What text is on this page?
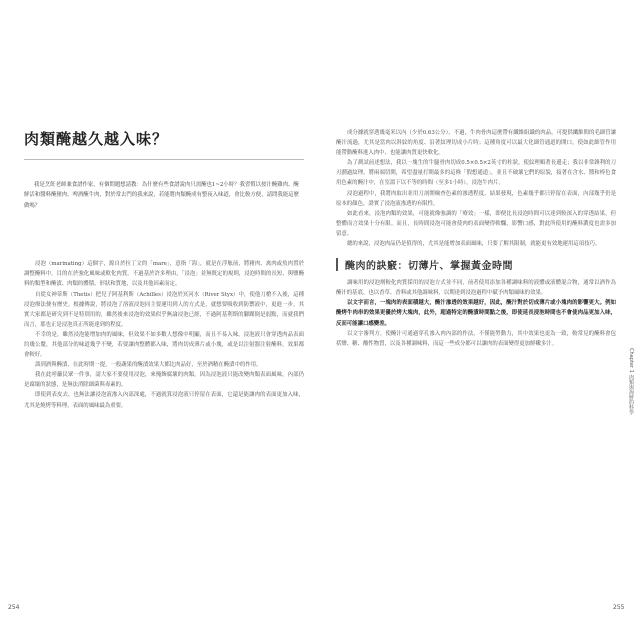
肉類醃越久越入味？

我是烹飪老師兼食譜作家，有個問題想請教：為什麼有些食譜說肉只需醃也1~2小時？我習慣以按汁醃雞肉、醃鮮活和醬料醃豬肉、啤酒醃牛肉，對於常去門的我來說，若能將肉類醃成有整夜入味道，會比較方便，請問我能這麼做嗎？

浸泡（marinating）這個字，源自於拉丁文的「mare」，意指「海」，就是在浮舷前，將豬肉、禽肉或魚肉置於調整醃料中，目的在於強化風味或軟化肉質。不過基於許多理由，「浸泡」並無既定的規則，浸泡時間的長短、與鹽醃料的類型和醃漬、肉類的體積、形狀和質地，以及其他因素而定。

自從女神蒂斯（Thetis）把兒子阿基利斯（Achilles）浸泡於冥河水（River Styx）中，使他刀槍不入後，這種浸泡療法便有歷史。根據傳說，將浸泡了溶液浸泡同主要運用到人的方式是，就想要吸收到防禦液中，更進一步，其實大家都是研究到不是特別用的，雖然後來浸泡的效果似乎無論浸泡已經，不過阿基利斯的腳踝倒是弱點，而就我們而言，那也正是浸泡真正所能達到的程度。

不幸的是，雖然浸泡能增加肉的風味，但效果不如多數人想像中明顯，而且不易入味，浸泡液只會穿透肉品表面約幾公釐，其他部分的味道幾乎不變，若要讓肉整體都入味，將肉切成薄片或小塊，或是以注射器注射醃料，效果都會較好。

談到酒與醃漬，在此時期一提，一般蔬果的醃漬效果大都比肉品好，至於酒精在醃漬中的作用。

我在此呼籲民眾一件事，請大家不要使用浸泡，來掩飾腐壞的肉類。因為浸泡液只能改變肉類表面風味，內部仍是腐壞的狀態，是無法消除細菌與毒素的。

即使到表皮去，也無法讓浸泡液滲入內部深處，不過就算浸泡液只停留在表面，它還是能讓肉的表面更加入味，尤其是燒烤等料理，表面的風味最為重要。

成分據就穿透幾毫米以內（少於0.63公分），不過，牛肉骨肉這麼帶有纖維組織的肉品，可提供纖維間的毛細管讓醃汁流過，尤其是當肉以斜紋的角度、沿著紋理切成小片時；這種角度可以最大化細管通道的開口，使如此細管作用能帶動醃料進入肉中，也能讓肉質更快軟化。

為了測試前述想法，我以一塊生的牛腿骨肉切成0.5×0.5×2英寸的柱狀，使紋理順著長邊走；我以非常鋒利的刀刃劃過紋理，將兩端切開，希望盡量打開最多的這條「假想通道」，並且不破壞它們的原貌，接著在含水、醬和棒色食用色素的醃汁中，在室溫下以不等的時間（至多1小時），浸泡牛肉片。

浸泡過程中，我將肉取出並用刀剖開檢查色素的滲透程度。結果發現，色素幾乎都只停留在表面，內部幾乎仍是原本的顏色，證實了浸泡液滲透的有限性。

如此看來，浸泡肉類的效果，可能就像強調的「療效」一樣，即便比長浸泡時間可以達到較深入的穿透結果，但整體而言效果十分有限。而且，長時間浸泡可能會使肉的表面變得軟爛，影響口感，對此所使用的醃料濃度也需多加留意。

總的來說，浸泡肉品仍是值得的，尤其是能增加表面風味，只要了解其限制，就能更有效地運用這項技巧。

醃肉的訣竅：切薄片、掌握黃金時間

調味用的浸泡劑較化肉質採用的浸泡方式並不同，前者使用添加各種調味料的液體或液體混合物，通常以酒作為醃汁的基底，也以香草、香料或其他調味料，以期達到浸泡過程中賦予肉類風味的效果。

以文字而言，一塊肉的表面積越大，醃汁滲透的效果越好，因此，醃汁對於切成薄片或小塊肉的影響更大。例如醃烤牛肉串的效果更優於烤大塊肉，此外，超過特定的醃漬時間點之後，即使延長浸泡時間也不會使肉品更加入味，反而可能讓口感變差。

以文字審判方，使醃汁可通過穿孔滲入肉內部的作法，不僅能勞動力，其中效果也更為一致，較常見的醃料會包括鹽、糖、酸性物質，以及各種調味料，而這一些成分都可以讓肉的表面變得更加鮮嫩多汁。

254	255
Chapter 1 肉類與海鮮的科學
